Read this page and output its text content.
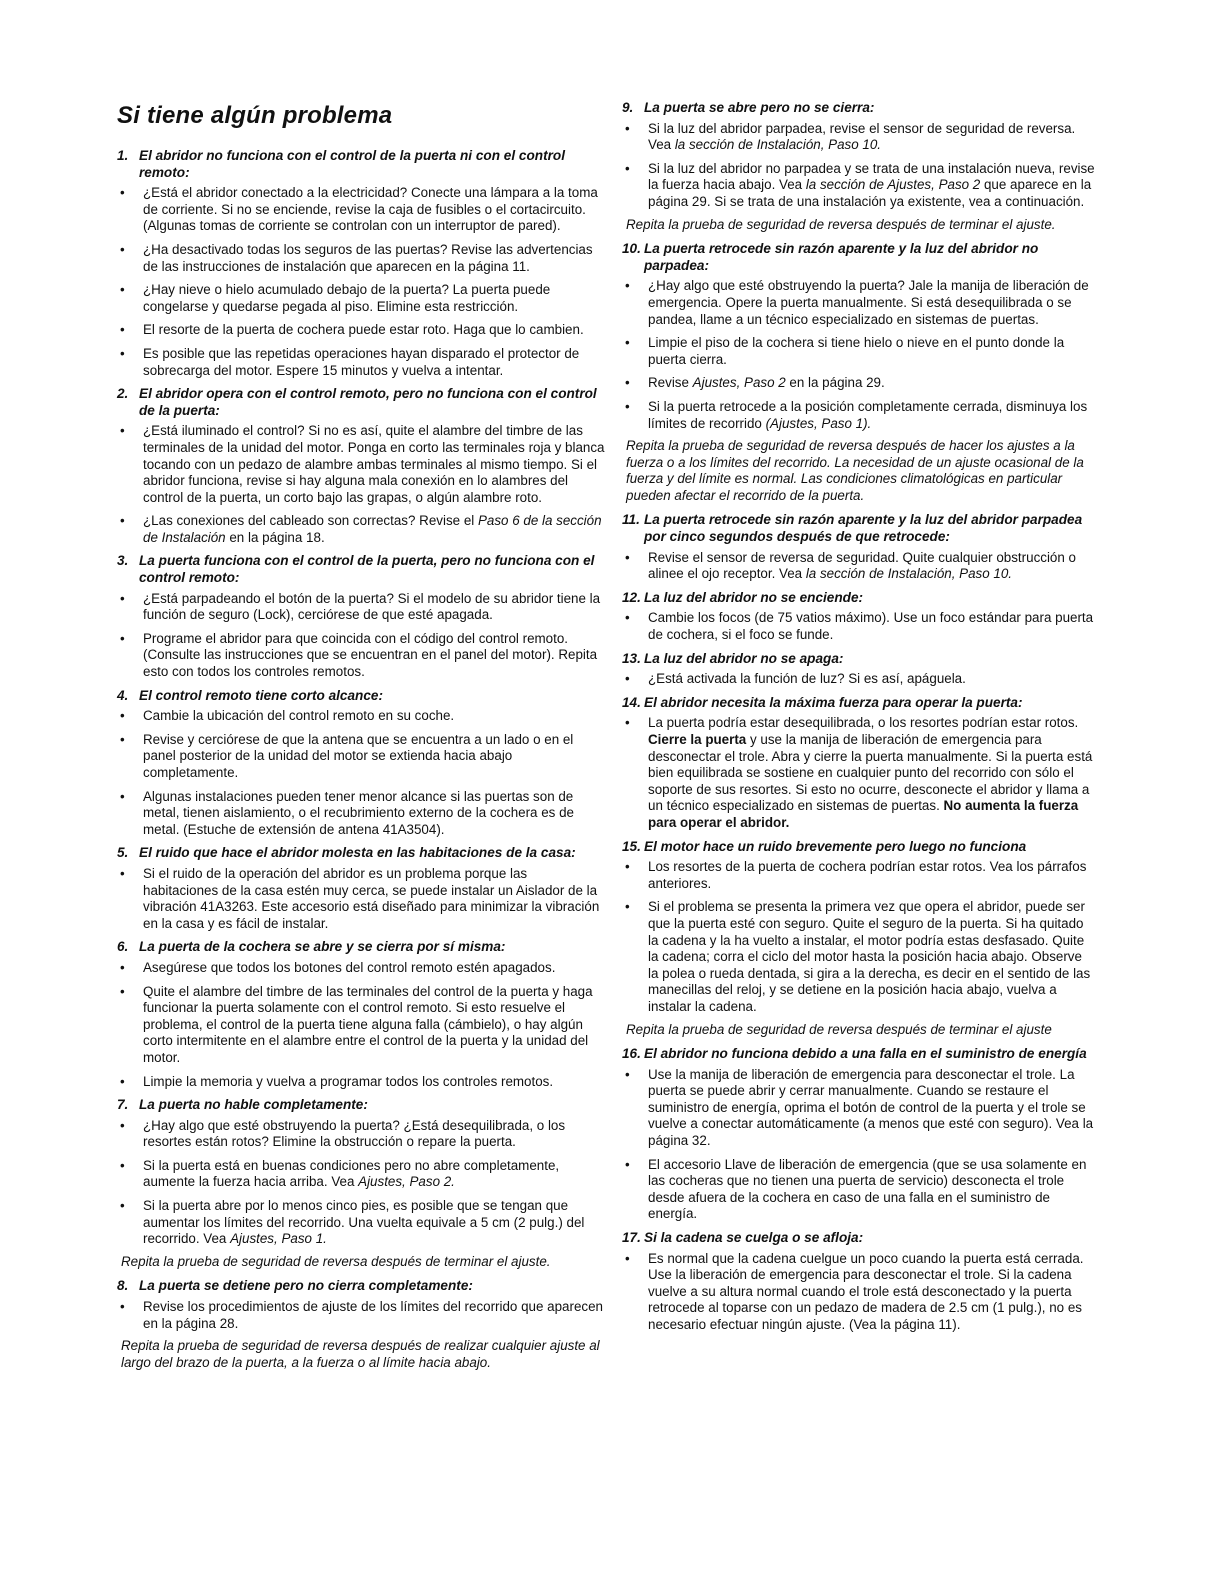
Si tiene algún problema
1. El abridor no funciona con el control de la puerta ni con el control remoto:
• ¿Está el abridor conectado a la electricidad? Conecte una lámpara a la toma de corriente. Si no se enciende, revise la caja de fusibles o el cortacircuito. (Algunas tomas de corriente se controlan con un interruptor de pared).
• ¿Ha desactivado todas los seguros de las puertas? Revise las advertencias de las instrucciones de instalación que aparecen en la página 11.
• ¿Hay nieve o hielo acumulado debajo de la puerta? La puerta puede congelarse y quedarse pegada al piso. Elimine esta restricción.
• El resorte de la puerta de cochera puede estar roto. Haga que lo cambien.
• Es posible que las repetidas operaciones hayan disparado el protector de sobrecarga del motor. Espere 15 minutos y vuelva a intentar.
2. El abridor opera con el control remoto, pero no funciona con el control de la puerta:
• ¿Está iluminado el control? Si no es así, quite el alambre del timbre de las terminales de la unidad del motor. Ponga en corto las terminales roja y blanca tocando con un pedazo de alambre ambas terminales al mismo tiempo. Si el abridor funciona, revise si hay alguna mala conexión en lo alambres del control de la puerta, un corto bajo las grapas, o algún alambre roto.
• ¿Las conexiones del cableado son correctas? Revise el Paso 6 de la sección de Instalación en la página 18.
3. La puerta funciona con el control de la puerta, pero no funciona con el control remoto:
• ¿Está parpadeando el botón de la puerta? Si el modelo de su abridor tiene la función de seguro (Lock), cerciórese de que esté apagada.
• Programe el abridor para que coincida con el código del control remoto. (Consulte las instrucciones que se encuentran en el panel del motor). Repita esto con todos los controles remotos.
4. El control remoto tiene corto alcance:
• Cambie la ubicación del control remoto en su coche.
• Revise y cerciórese de que la antena que se encuentra a un lado o en el panel posterior de la unidad del motor se extienda hacia abajo completamente.
• Algunas instalaciones pueden tener menor alcance si las puertas son de metal, tienen aislamiento, o el recubrimiento externo de la cochera es de metal. (Estuche de extensión de antena 41A3504).
5. El ruido que hace el abridor molesta en las habitaciones de la casa:
• Si el ruido de la operación del abridor es un problema porque las habitaciones de la casa estén muy cerca, se puede instalar un Aislador de la vibración 41A3263. Este accesorio está diseñado para minimizar la vibración en la casa y es fácil de instalar.
6. La puerta de la cochera se abre y se cierra por sí misma:
• Asegúrese que todos los botones del control remoto estén apagados.
• Quite el alambre del timbre de las terminales del control de la puerta y haga funcionar la puerta solamente con el control remoto. Si esto resuelve el problema, el control de la puerta tiene alguna falla (cámbielo), o hay algún corto intermitente en el alambre entre el control de la puerta y la unidad del motor.
• Limpie la memoria y vuelva a programar todos los controles remotos.
7. La puerta no hable completamente:
• ¿Hay algo que esté obstruyendo la puerta? ¿Está desequilibrada, o los resortes están rotos? Elimine la obstrucción o repare la puerta.
• Si la puerta está en buenas condiciones pero no abre completamente, aumente la fuerza hacia arriba. Vea Ajustes, Paso 2.
• Si la puerta abre por lo menos cinco pies, es posible que se tengan que aumentar los límites del recorrido. Una vuelta equivale a 5 cm (2 pulg.) del recorrido. Vea Ajustes, Paso 1.
Repita la prueba de seguridad de reversa después de terminar el ajuste.
8. La puerta se detiene pero no cierra completamente:
• Revise los procedimientos de ajuste de los límites del recorrido que aparecen en la página 28.
Repita la prueba de seguridad de reversa después de realizar cualquier ajuste al largo del brazo de la puerta, a la fuerza o al límite hacia abajo.
9. La puerta se abre pero no se cierra:
• Si la luz del abridor parpadea, revise el sensor de seguridad de reversa. Vea la sección de Instalación, Paso 10.
• Si la luz del abridor no parpadea y se trata de una instalación nueva, revise la fuerza hacia abajo. Vea la sección de Ajustes, Paso 2 que aparece en la página 29. Si se trata de una instalación ya existente, vea a continuación.
Repita la prueba de seguridad de reversa después de terminar el ajuste.
10. La puerta retrocede sin razón aparente y la luz del abridor no parpadea:
• ¿Hay algo que esté obstruyendo la puerta? Jale la manija de liberación de emergencia. Opere la puerta manualmente. Si está desequilibrada o se pandea, llame a un técnico especializado en sistemas de puertas.
• Limpie el piso de la cochera si tiene hielo o nieve en el punto donde la puerta cierra.
• Revise Ajustes, Paso 2 en la página 29.
• Si la puerta retrocede a la posición completamente cerrada, disminuya los límites de recorrido (Ajustes, Paso 1).
Repita la prueba de seguridad de reversa después de hacer los ajustes a la fuerza o a los límites del recorrido. La necesidad de un ajuste ocasional de la fuerza y del límite es normal. Las condiciones climatológicas en particular pueden afectar el recorrido de la puerta.
11. La puerta retrocede sin razón aparente y la luz del abridor parpadea por cinco segundos después de que retrocede:
• Revise el sensor de reversa de seguridad. Quite cualquier obstrucción o alinee el ojo receptor. Vea la sección de Instalación, Paso 10.
12. La luz del abridor no se enciende:
• Cambie los focos (de 75 vatios máximo). Use un foco estándar para puerta de cochera, si el foco se funde.
13. La luz del abridor no se apaga:
• ¿Está activada la función de luz? Si es así, apáguela.
14. El abridor necesita la máxima fuerza para operar la puerta:
• La puerta podría estar desequilibrada, o los resortes podrían estar rotos. Cierre la puerta y use la manija de liberación de emergencia para desconectar el trole. Abra y cierre la puerta manualmente. Si la puerta está bien equilibrada se sostiene en cualquier punto del recorrido con sólo el soporte de sus resortes. Si esto no ocurre, desconecte el abridor y llama a un técnico especializado en sistemas de puertas. No aumenta la fuerza para operar el abridor.
15. El motor hace un ruido brevemente pero luego no funciona
• Los resortes de la puerta de cochera podrían estar rotos. Vea los párrafos anteriores.
• Si el problema se presenta la primera vez que opera el abridor, puede ser que la puerta esté con seguro. Quite el seguro de la puerta. Si ha quitado la cadena y la ha vuelto a instalar, el motor podría estas desfasado. Quite la cadena; corra el ciclo del motor hasta la posición hacia abajo. Observe la polea o rueda dentada, si gira a la derecha, es decir en el sentido de las manecillas del reloj, y se detiene en la posición hacia abajo, vuelva a instalar la cadena.
Repita la prueba de seguridad de reversa después de terminar el ajuste
16. El abridor no funciona debido a una falla en el suministro de energía
• Use la manija de liberación de emergencia para desconectar el trole. La puerta se puede abrir y cerrar manualmente. Cuando se restaure el suministro de energía, oprima el botón de control de la puerta y el trole se vuelve a conectar automáticamente (a menos que esté con seguro). Vea la página 32.
• El accesorio Llave de liberación de emergencia (que se usa solamente en las cocheras que no tienen una puerta de servicio) desconecta el trole desde afuera de la cochera en caso de una falla en el suministro de energía.
17. Si la cadena se cuelga o se afloja:
• Es normal que la cadena cuelgue un poco cuando la puerta está cerrada. Use la liberación de emergencia para desconectar el trole. Si la cadena vuelve a su altura normal cuando el trole está desconectado y la puerta retrocede al toparse con un pedazo de madera de 2.5 cm (1 pulg.), no es necesario efectuar ningún ajuste. (Vea la página 11).
